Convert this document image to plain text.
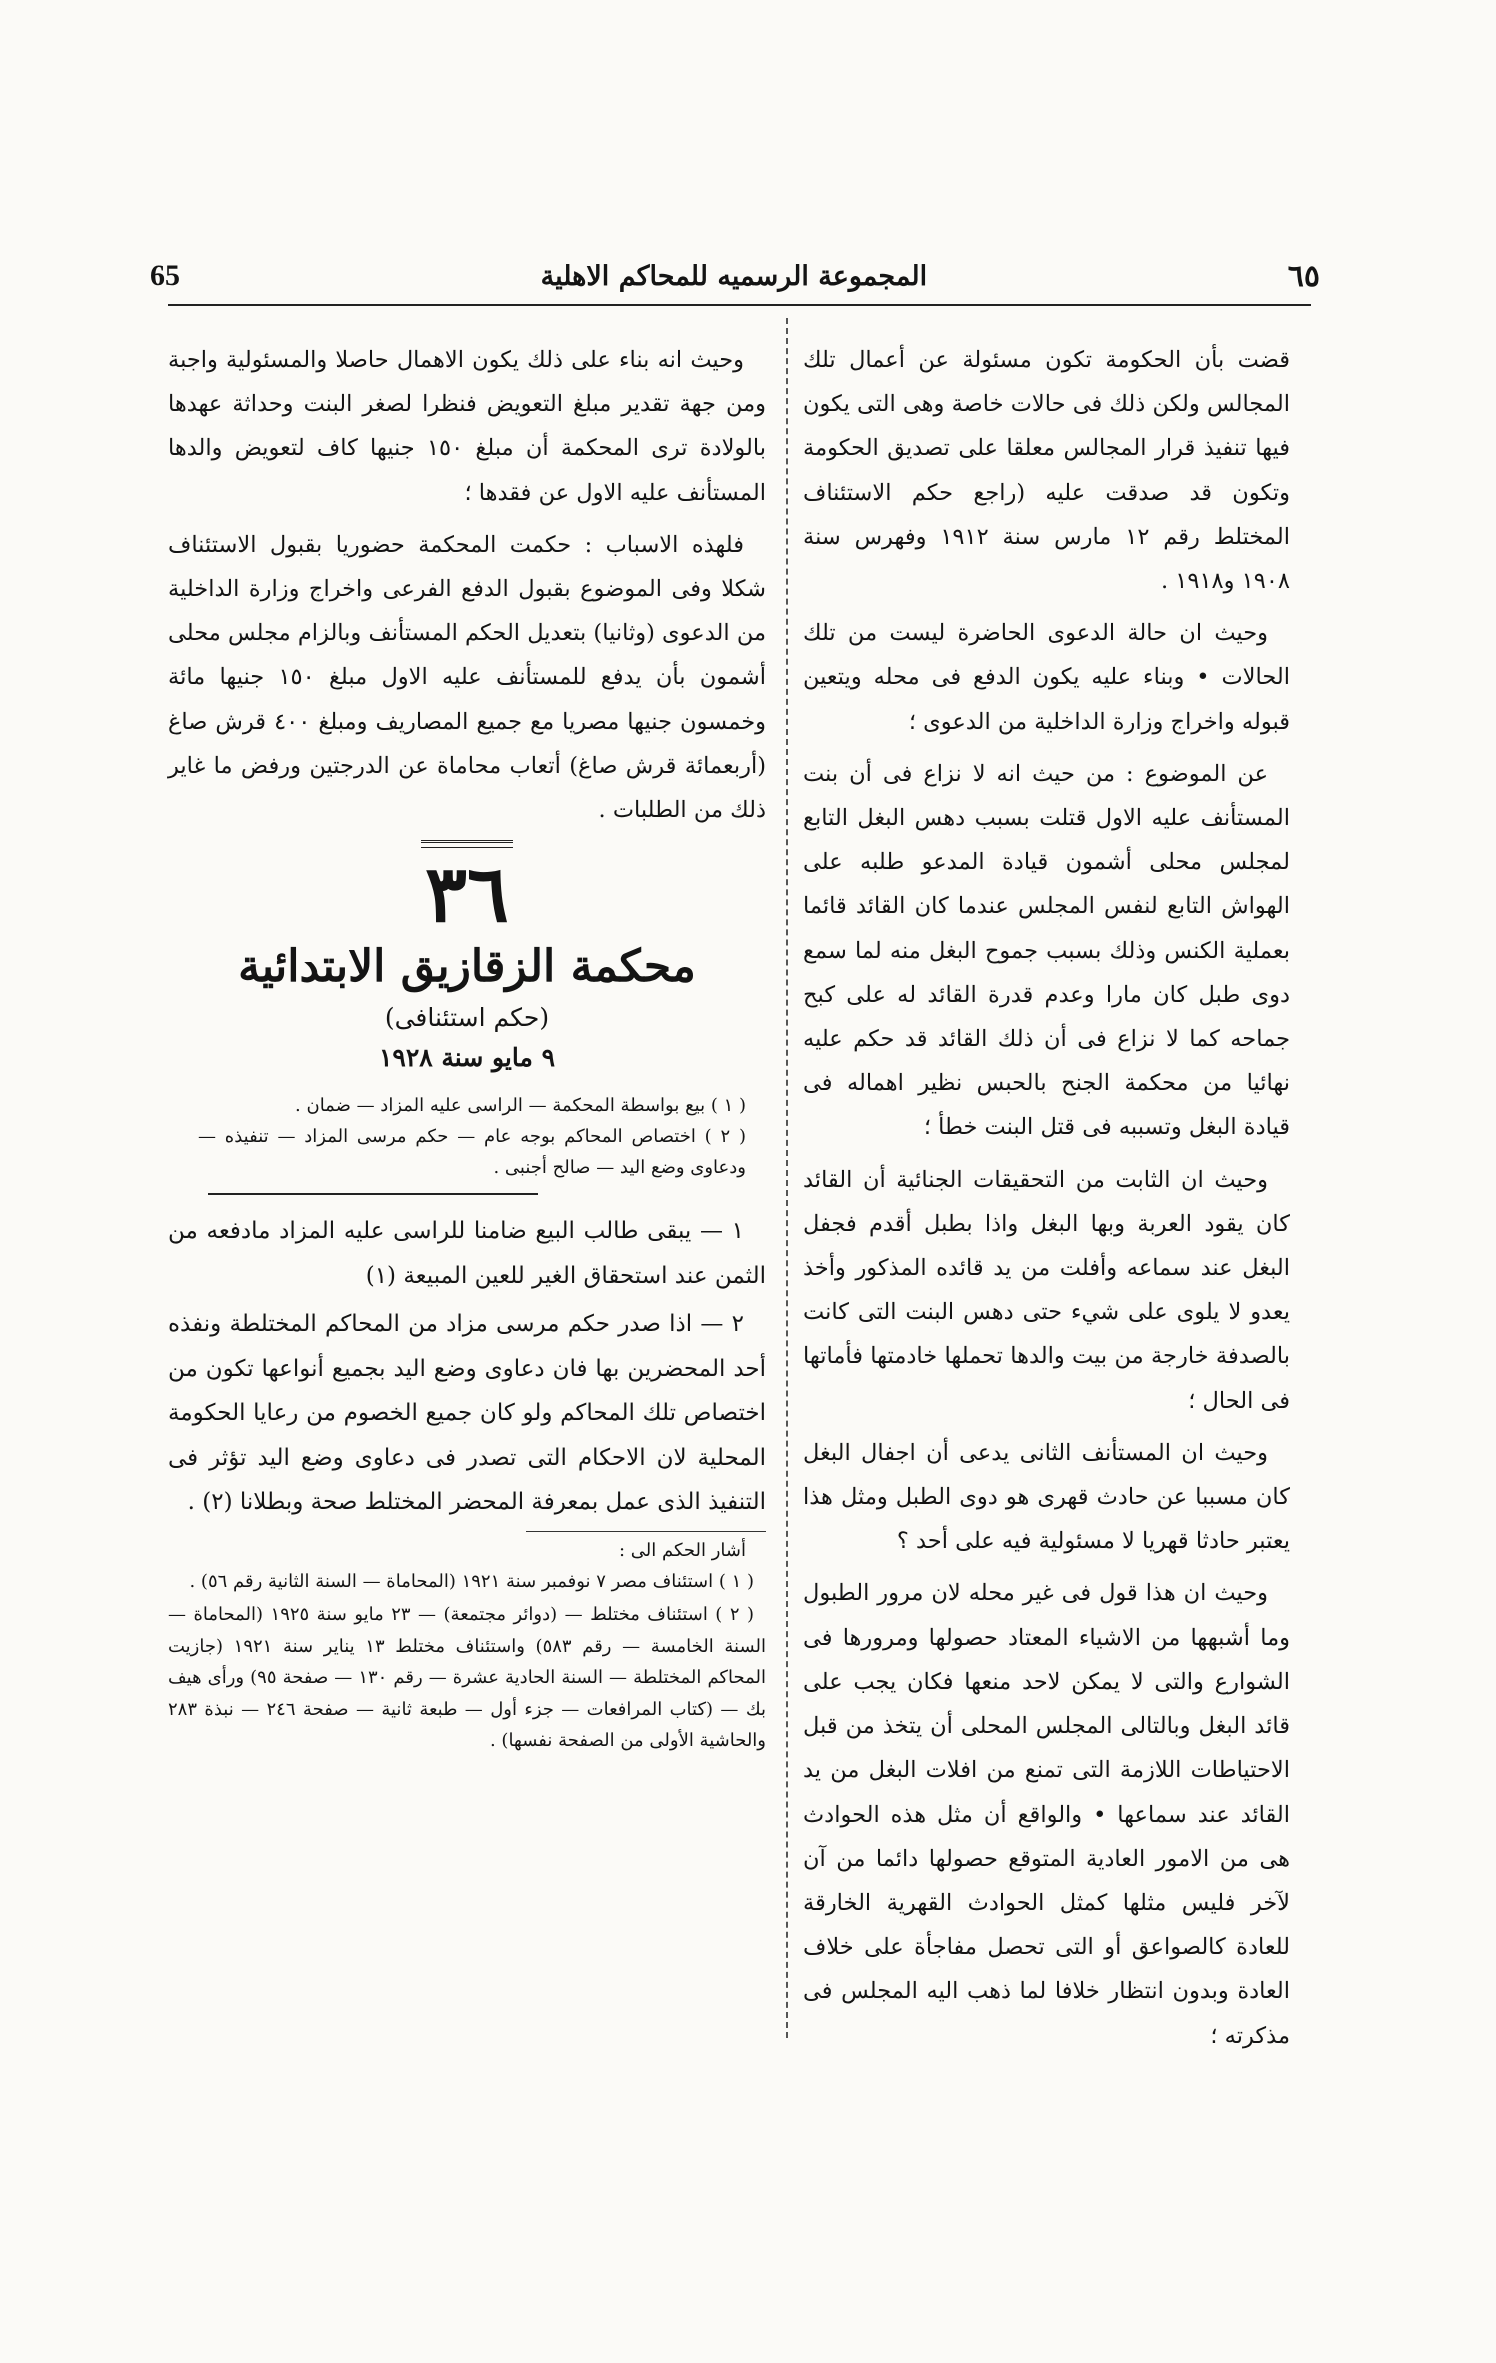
65	المجموعة الرسميه للمحاكم الاهلية	٦٥

قضت بأن الحكومة تكون مسئولة عن أعمال تلك المجالس ولكن ذلك فى حالات خاصة وهى التى يكون فيها تنفيذ قرار المجالس معلقا على تصديق الحكومة وتكون قد صدقت عليه (راجع حكم الاستئناف المختلط رقم ١٢ مارس سنة ١٩١٢ وفهرس سنة ١٩٠٨ و١٩١٨ .

وحيث ان حالة الدعوى الحاضرة ليست من تلك الحالات • وبناء عليه يكون الدفع فى محله ويتعين قبوله واخراج وزارة الداخلية من الدعوى ؛

عن الموضوع : من حيث انه لا نزاع فى أن بنت المستأنف عليه الاول قتلت بسبب دهس البغل التابع لمجلس محلى أشمون قيادة المدعو طلبه على الهواش التابع لنفس المجلس عندما كان القائد قائما بعملية الكنس وذلك بسبب جموح البغل منه لما سمع دوى طبل كان مارا وعدم قدرة القائد له على كبح جماحه كما لا نزاع فى أن ذلك القائد قد حكم عليه نهائيا من محكمة الجنح بالحبس نظير اهماله فى قيادة البغل وتسببه فى قتل البنت خطأ ؛

وحيث ان الثابت من التحقيقات الجنائية أن القائد كان يقود العربة وبها البغل واذا بطبل أقدم فجفل البغل عند سماعه وأفلت من يد قائده المذكور وأخذ يعدو لا يلوى على شيء حتى دهس البنت التى كانت بالصدفة خارجة من بيت والدها تحملها خادمتها فأماتها فى الحال ؛

وحيث ان المستأنف الثانى يدعى أن اجفال البغل كان مسببا عن حادث قهرى هو دوى الطبل ومثل هذا يعتبر حادثا قهريا لا مسئولية فيه على أحد ؟

وحيث ان هذا قول فى غير محله لان مرور الطبول وما أشبهها من الاشياء المعتاد حصولها ومرورها فى الشوارع والتى لا يمكن لاحد منعها فكان يجب على قائد البغل وبالتالى المجلس المحلى أن يتخذ من قبل الاحتياطات اللازمة التى تمنع من افلات البغل من يد القائد عند سماعها • والواقع أن مثل هذه الحوادث هى من الامور العادية المتوقع حصولها دائما من آن لآخر فليس مثلها كمثل الحوادث القهرية الخارقة للعادة كالصواعق أو التى تحصل مفاجأة على خلاف العادة وبدون انتظار خلافا لما ذهب اليه المجلس فى مذكرته ؛

وحيث انه بناء على ذلك يكون الاهمال حاصلا والمسئولية واجبة ومن جهة تقدير مبلغ التعويض فنظرا لصغر البنت وحداثة عهدها بالولادة ترى المحكمة أن مبلغ ١٥٠ جنيها كاف لتعويض والدها المستأنف عليه الاول عن فقدها ؛

فلهذه الاسباب : حكمت المحكمة حضوريا بقبول الاستئناف شكلا وفى الموضوع بقبول الدفع الفرعى واخراج وزارة الداخلية من الدعوى (وثانيا) بتعديل الحكم المستأنف وبالزام مجلس محلى أشمون بأن يدفع للمستأنف عليه الاول مبلغ ١٥٠ جنيها مائة وخمسون جنيها مصريا مع جميع المصاريف ومبلغ ٤٠٠ قرش صاغ (أربعمائة قرش صاغ) أتعاب محاماة عن الدرجتين ورفض ما غاير ذلك من الطلبات .

٣٦

محكمة الزقازيق الابتدائية

(حكم استئنافى)

٩ مايو سنة ١٩٢٨

( ١ ) بيع بواسطة المحكمة — الراسى عليه المزاد — ضمان .

( ٢ ) اختصاص المحاكم بوجه عام — حكم مرسى المزاد — تنفيذه — ودعاوى وضع اليد — صالح أجنبى .

١ — يبقى طالب البيع ضامنا للراسى عليه المزاد مادفعه من الثمن عند استحقاق الغير للعين المبيعة (١)

٢ — اذا صدر حكم مرسى مزاد من المحاكم المختلطة ونفذه أحد المحضرين بها فان دعاوى وضع اليد بجميع أنواعها تكون من اختصاص تلك المحاكم ولو كان جميع الخصوم من رعايا الحكومة المحلية لان الاحكام التى تصدر فى دعاوى وضع اليد تؤثر فى التنفيذ الذى عمل بمعرفة المحضر المختلط صحة وبطلانا (٢) .

أشار الحكم الى :

( ١ ) استئناف مصر ٧ نوفمبر سنة ١٩٢١ (المحاماة — السنة الثانية رقم ٥٦) .

( ٢ ) استئناف مختلط — (دوائر مجتمعة) — ٢٣ مايو سنة ١٩٢٥ (المحاماة — السنة الخامسة — رقم ٥٨٣) واستئناف مختلط ١٣ يناير سنة ١٩٢١ (جازيت المحاكم المختلطة — السنة الحادية عشرة — رقم ١٣٠ — صفحة ٩٥) ورأى هيف بك — (كتاب المرافعات — جزء أول — طبعة ثانية — صفحة ٢٤٦ — نبذة ٢٨٣ والحاشية الأولى من الصفحة نفسها) .
